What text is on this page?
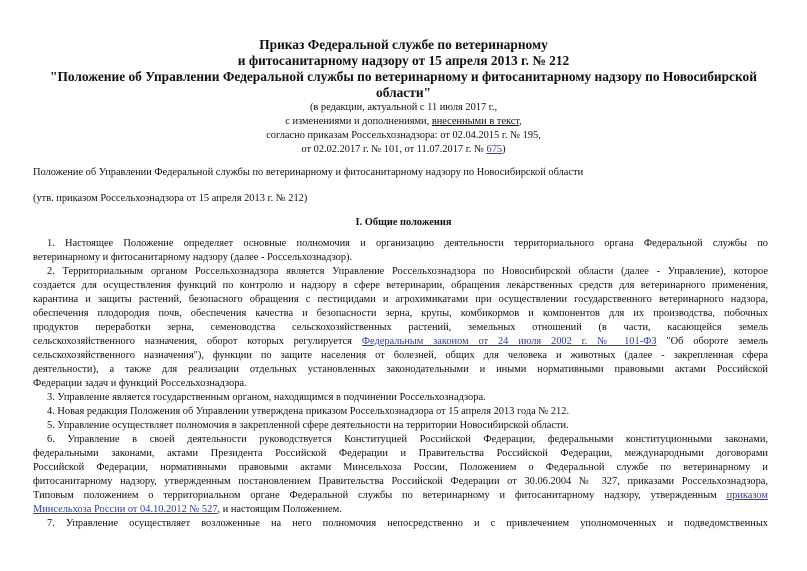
Приказ Федеральной службе по ветеринарному
и фитосанитарному надзору от 15 апреля 2013 г. № 212
"Положение об Управлении Федеральной службы по ветеринарному и фитосанитарному надзору по Новосибирской
области"
(в редакции, актуальной с 11 июля 2017 г.,
с изменениями и дополнениями, внесенными в текст,
согласно приказам Россельхознадзора: от 02.04.2015 г. № 195,
от 02.02.2017 г. № 101, от 11.07.2017 г. № 675)
Положение об Управлении Федеральной службы по ветеринарному и фитосанитарному надзору по Новосибирской области
(утв. приказом Россельхознадзора от 15 апреля 2013 г. № 212)
I. Общие положения
1. Настоящее Положение определяет основные полномочия и организацию деятельности территориального органа Федеральной службы по
ветеринарному и фитосанитарному надзору (далее - Россельхознадзор).
2. Территориальным органом Россельхознадзора является Управление Россельхознадзора по Новосибирской области (далее - Управление), которое
создается для осуществления функций по контролю и надзору в сфере ветеринарии, обращения лекарственных средств для ветеринарного применения,
карантина и защиты растений, безопасного обращения с пестицидами и агрохимикатами при осуществлении государственного ветеринарного надзора,
обеспечения плодородия почв, обеспечения качества и безопасности зерна, крупы, комбикормов и компонентов для их производства, побочных
продуктов переработки зерна, семеноводства сельскохозяйственных растений, земельных отношений (в части, касающейся земель
сельскохозяйственного назначения, оборот которых регулируется Федеральным законом от 24 июля 2002 г. № 101-ФЗ "Об обороте земель
сельскохозяйственного назначения"), функции по защите населения от болезней, общих для человека и животных (далее - закрепленная сфера
деятельности), а также для реализации отдельных установленных законодательными и иными нормативными правовыми актами Российской
Федерации задач и функций Россельхознадзора.
3. Управление является государственным органом, находящимся в подчинении Россельхознадзора.
4. Новая редакция Положения об Управлении утверждена приказом Россельхознадзора от 15 апреля 2013 года № 212.
5. Управление осуществляет полномочия в закрепленной сфере деятельности на территории Новосибирской области.
6. Управление в своей деятельности руководствуется Конституцией Российской Федерации, федеральными конституционными законами,
федеральными законами, актами Президента Российской Федерации и Правительства Российской Федерации, международными договорами
Российской Федерации, нормативными правовыми актами Минсельхоза России, Положением о Федеральной службе по ветеринарному и
фитосанитарному надзору, утвержденным постановлением Правительства Российской Федерации от 30.06.2004 № 327, приказами Россельхознадзора,
Типовым положением о территориальном органе Федеральной службы по ветеринарному и фитосанитарному надзору, утвержденным приказом
Минсельхоза России от 04.10.2012 № 527, и настоящим Положением.
7. Управление осуществляет возложенные на него полномочия непосредственно и с привлечением уполномоченных и подведомственных
